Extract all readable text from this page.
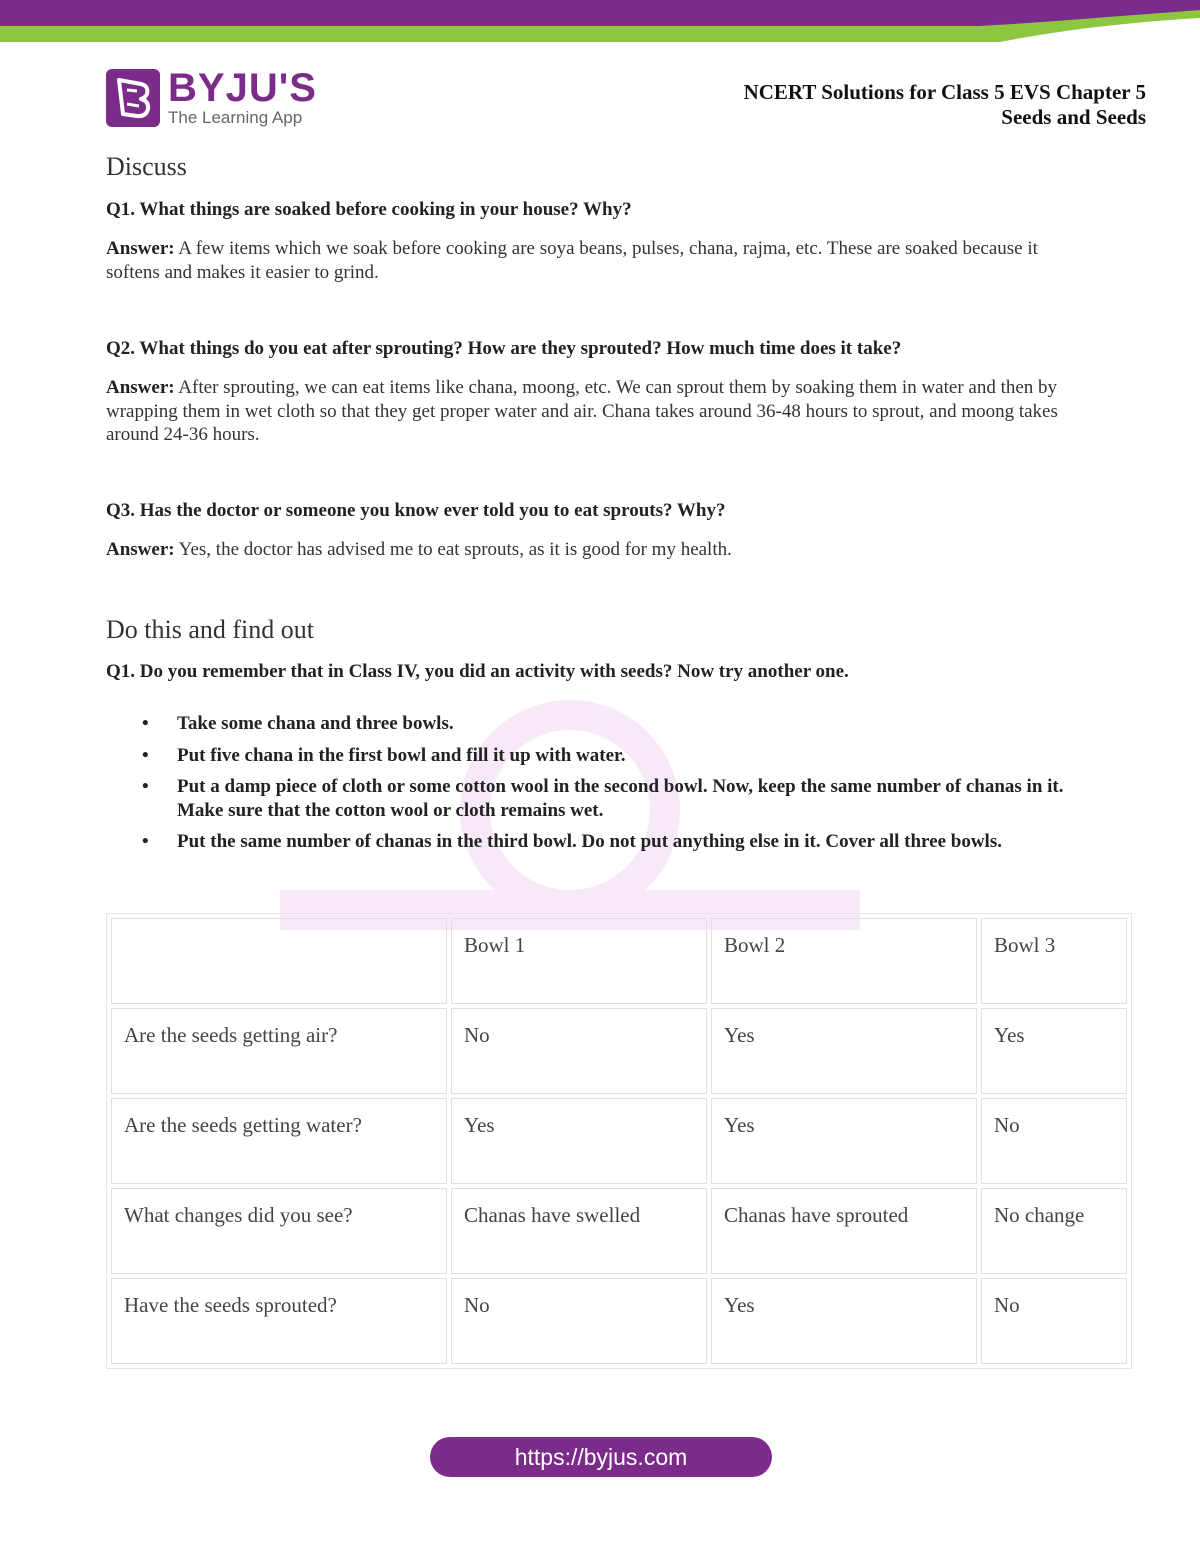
BYJU'S
The Learning App
NCERT Solutions for Class 5 EVS Chapter 5
Seeds and Seeds
Discuss
Q1. What things are soaked before cooking in your house? Why?
Answer: A few items which we soak before cooking are soya beans, pulses, chana, rajma, etc. These are soaked because it softens and makes it easier to grind.
Q2. What things do you eat after sprouting? How are they sprouted? How much time does it take?
Answer: After sprouting, we can eat items like chana, moong, etc. We can sprout them by soaking them in water and then by wrapping them in wet cloth so that they get proper water and air. Chana takes around 36-48 hours to sprout, and moong takes around 24-36 hours.
Q3. Has the doctor or someone you know ever told you to eat sprouts? Why?
Answer: Yes, the doctor has advised me to eat sprouts, as it is good for my health.
Do this and find out
Q1. Do you remember that in Class IV, you did an activity with seeds? Now try another one.
• Take some chana and three bowls.
• Put five chana in the first bowl and fill it up with water.
• Put a damp piece of cloth or some cotton wool in the second bowl. Now, keep the same number of chanas in it. Make sure that the cotton wool or cloth remains wet.
• Put the same number of chanas in the third bowl. Do not put anything else in it. Cover all three bowls.
	Bowl 1	Bowl 2	Bowl 3
Are the seeds getting air?	No	Yes	Yes
Are the seeds getting water?	Yes	Yes	No
What changes did you see?	Chanas have swelled	Chanas have sprouted	No change
Have the seeds sprouted?	No	Yes	No
https://byjus.com
